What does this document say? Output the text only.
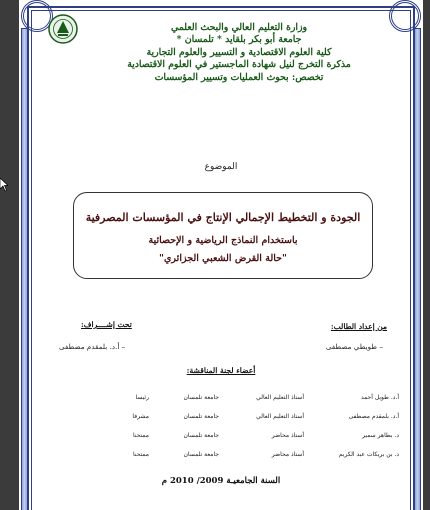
وزارة التعليم العالي والبحث العلمي
جامعة أبو بكر بلقايد * تلمسان *
كلية العلوم الاقتصادية و التسيير والعلوم التجارية
مذكرة التخرج لنيل شهادة الماجستير في العلوم الاقتصادية
تخصص: بحوث العمليات وتسيير المؤسسات
الموضوع
الجودة و التخطيط الإجمالي الإنتاج في المؤسسات المصرفية
باستخدام النماذج الرياضية و الإحصائية
"حالة القرض الشعبي الجزائري"
من إعداد الطالب:
– طويطي مصطفى
تحت إشــــراف:
– أ.د. بلمقدم مصطفى
أعضاء لجنة المناقشة:
أ.د. طويل أحمد
أستاذ التعليم العالي
جامعة تلمسان
رئيسا
أ.د. بلمقدم مصطفى
أستاذ التعليم العالي
جامعة تلمسان
مشرفا
د. بطاهر سمير
أستاذ محاضر
جامعة تلمسان
ممتحنا
د. بن بريكات عبد الكريم
أستاذ محاضر
جامعة تلمسان
ممتحنا
السنة الجامعيـة 2009/ 2010 م
